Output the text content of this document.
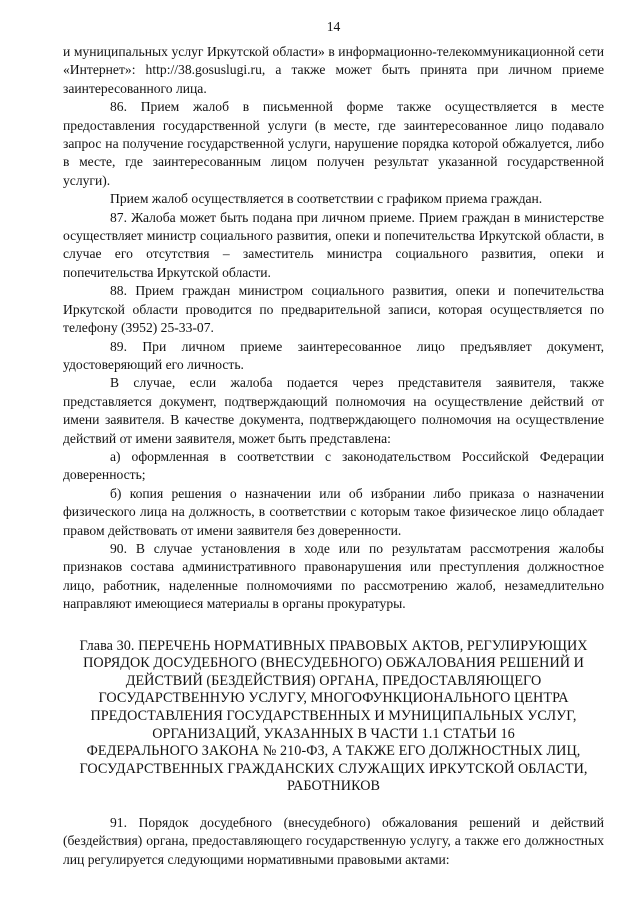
14

и муниципальных услуг Иркутской области» в информационно-телекоммуникационной сети «Интернет»: http://38.gosuslugi.ru, а также может быть принята при личном приеме заинтересованного лица.

86. Прием жалоб в письменной форме также осуществляется в месте предоставления государственной услуги (в месте, где заинтересованное лицо подавало запрос на получение государственной услуги, нарушение порядка которой обжалуется, либо в месте, где заинтересованным лицом получен результат указанной государственной услуги).

Прием жалоб осуществляется в соответствии с графиком приема граждан.

87. Жалоба может быть подана при личном приеме. Прием граждан в министерстве осуществляет министр социального развития, опеки и попечительства Иркутской области, в случае его отсутствия – заместитель министра социального развития, опеки и попечительства Иркутской области.

88. Прием граждан министром социального развития, опеки и попечительства Иркутской области проводится по предварительной записи, которая осуществляется по телефону (3952) 25-33-07.

89. При личном приеме заинтересованное лицо предъявляет документ, удостоверяющий его личность.

В случае, если жалоба подается через представителя заявителя, также представляется документ, подтверждающий полномочия на осуществление действий от имени заявителя. В качестве документа, подтверждающего полномочия на осуществление действий от имени заявителя, может быть представлена:

а) оформленная в соответствии с законодательством Российской Федерации доверенность;

б) копия решения о назначении или об избрании либо приказа о назначении физического лица на должность, в соответствии с которым такое физическое лицо обладает правом действовать от имени заявителя без доверенности.

90. В случае установления в ходе или по результатам рассмотрения жалобы признаков состава административного правонарушения или преступления должностное лицо, работник, наделенные полномочиями по рассмотрению жалоб, незамедлительно направляют имеющиеся материалы в органы прокуратуры.

Глава 30. ПЕРЕЧЕНЬ НОРМАТИВНЫХ ПРАВОВЫХ АКТОВ, РЕГУЛИРУЮЩИХ
ПОРЯДОК ДОСУДЕБНОГО (ВНЕСУДЕБНОГО) ОБЖАЛОВАНИЯ РЕШЕНИЙ И
ДЕЙСТВИЙ (БЕЗДЕЙСТВИЯ) ОРГАНА, ПРЕДОСТАВЛЯЮЩЕГО
ГОСУДАРСТВЕННУЮ УСЛУГУ, МНОГОФУНКЦИОНАЛЬНОГО ЦЕНТРА
ПРЕДОСТАВЛЕНИЯ ГОСУДАРСТВЕННЫХ И МУНИЦИПАЛЬНЫХ УСЛУГ,
ОРГАНИЗАЦИЙ, УКАЗАННЫХ В ЧАСТИ 1.1 СТАТЬИ 16
ФЕДЕРАЛЬНОГО ЗАКОНА № 210-ФЗ, А ТАКЖЕ ЕГО ДОЛЖНОСТНЫХ ЛИЦ,
ГОСУДАРСТВЕННЫХ ГРАЖДАНСКИХ СЛУЖАЩИХ ИРКУТСКОЙ ОБЛАСТИ,
РАБОТНИКОВ

91. Порядок досудебного (внесудебного) обжалования решений и действий (бездействия) органа, предоставляющего государственную услугу, а также его должностных лиц регулируется следующими нормативными правовыми актами:
